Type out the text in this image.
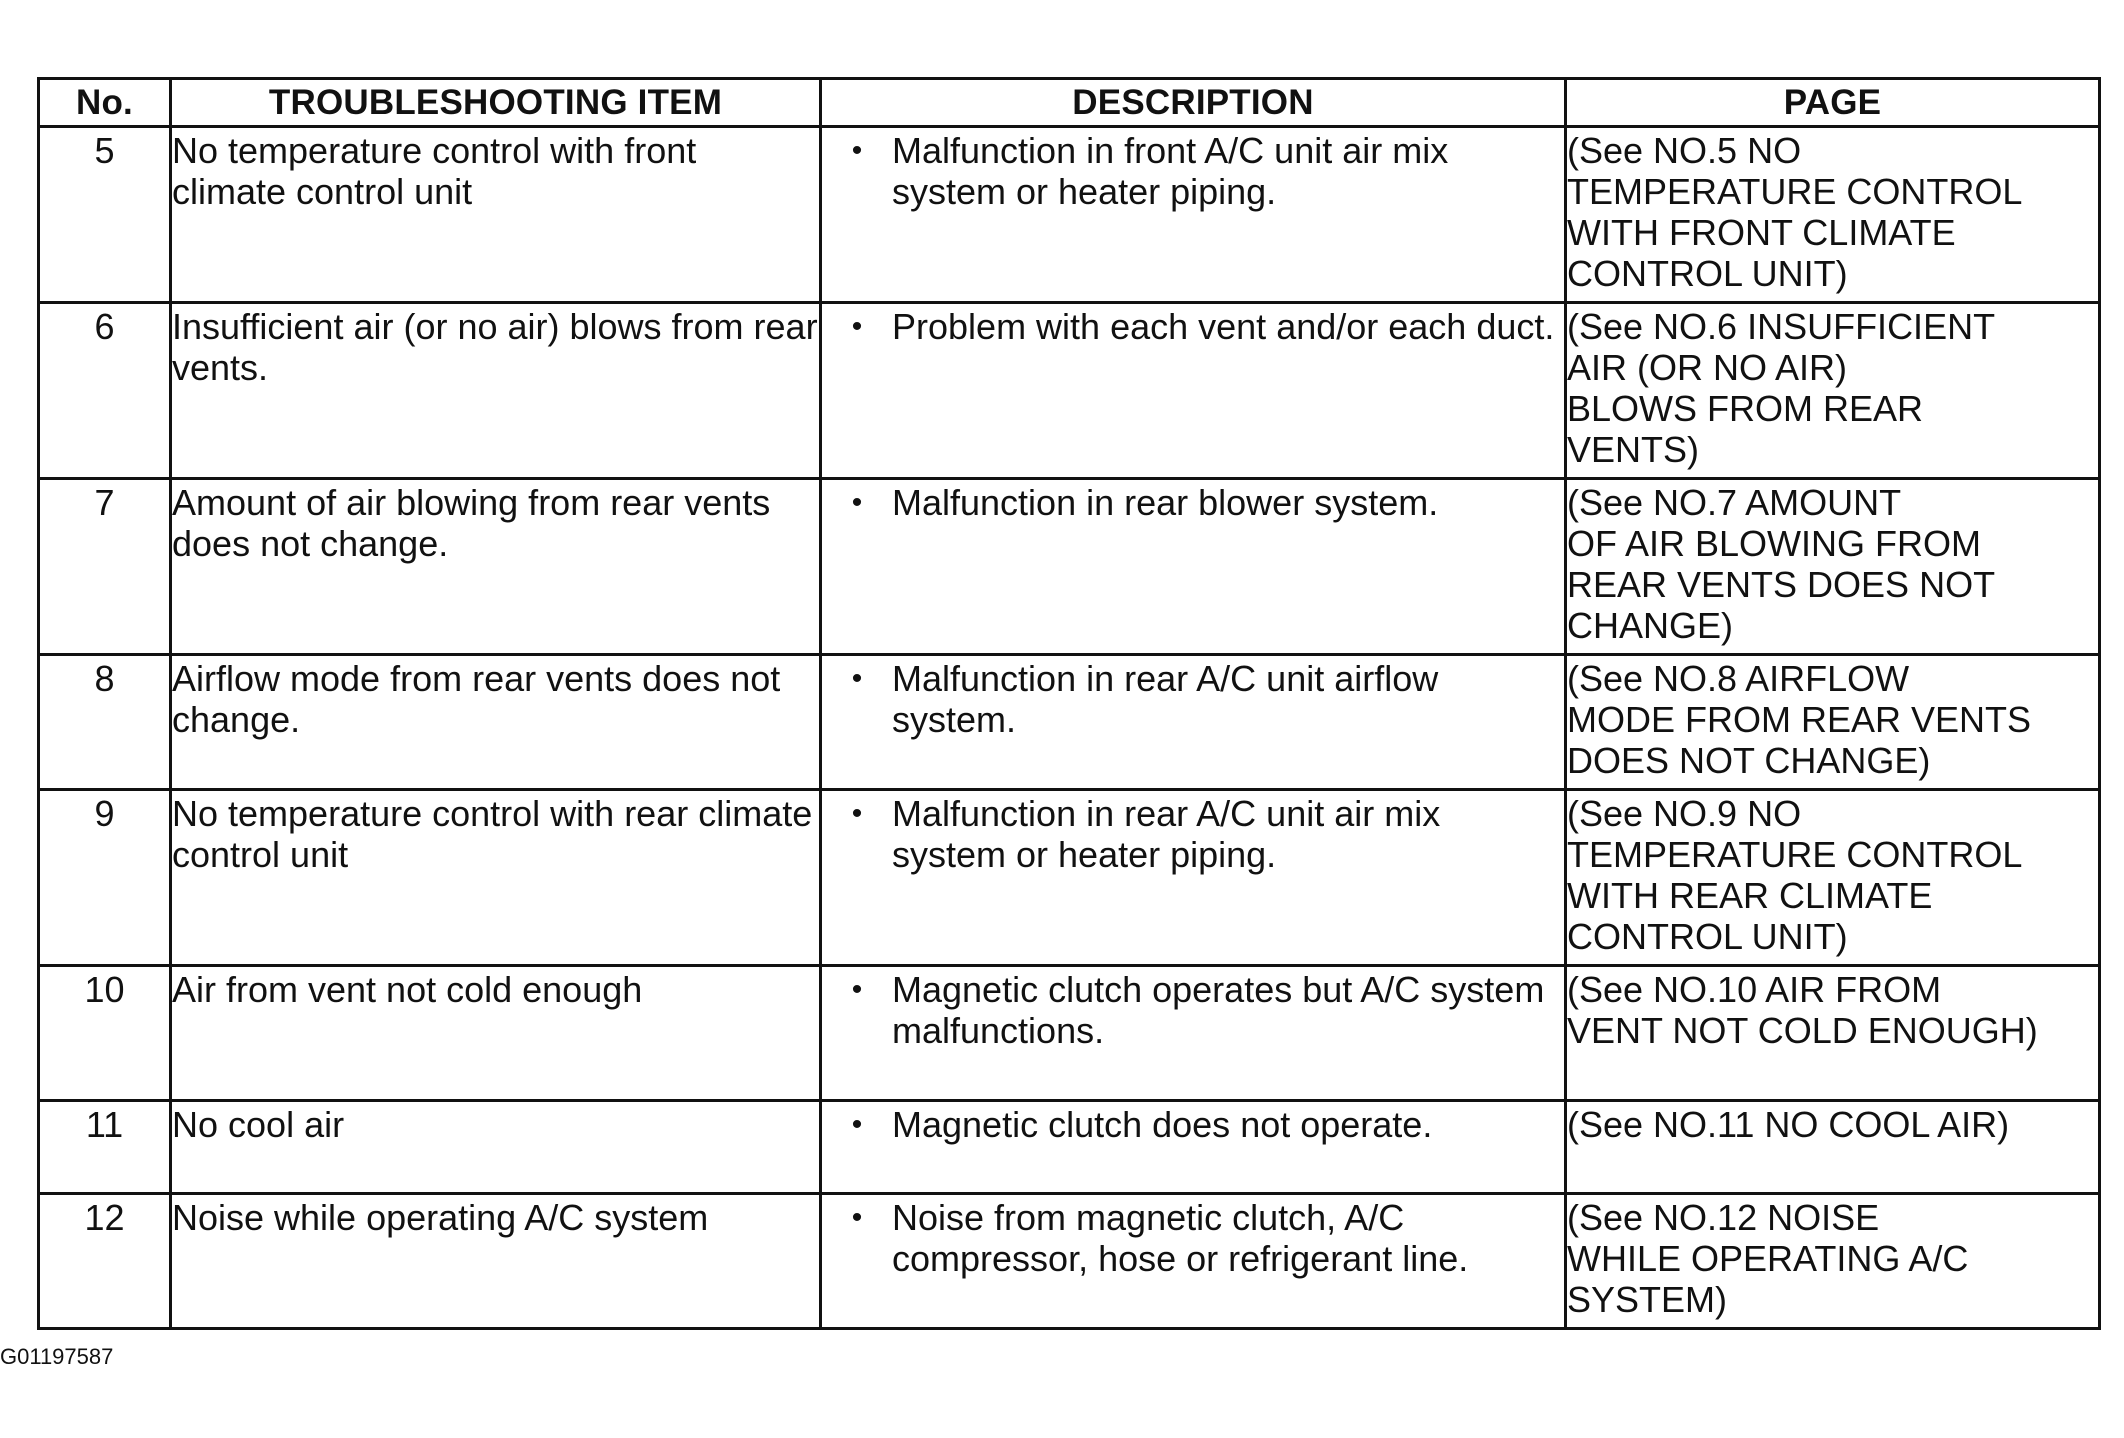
No.	TROUBLESHOOTING ITEM	DESCRIPTION	PAGE
5	No temperature control with front climate control unit	• Malfunction in front A/C unit air mix system or heater piping.	(See NO.5 NO
TEMPERATURE CONTROL
WITH FRONT CLIMATE
CONTROL UNIT)

6	Insufficient air (or no air) blows from rear vents.	• Problem with each vent and/or each duct.	(See NO.6 INSUFFICIENT
AIR (OR NO AIR)
BLOWS FROM REAR
VENTS)

7	Amount of air blowing from rear vents does not change.	• Malfunction in rear blower system.	(See NO.7 AMOUNT
OF AIR BLOWING FROM
REAR VENTS DOES NOT
CHANGE)

8	Airflow mode from rear vents does not change.	• Malfunction in rear A/C unit airflow system.	(See NO.8 AIRFLOW
MODE FROM REAR VENTS
DOES NOT CHANGE)

9	No temperature control with rear climate control unit	• Malfunction in rear A/C unit air mix system or heater piping.	(See NO.9 NO
TEMPERATURE CONTROL
WITH REAR CLIMATE
CONTROL UNIT)

10	Air from vent not cold enough	• Magnetic clutch operates but A/C system malfunctions.	(See NO.10 AIR FROM
VENT NOT COLD ENOUGH)

11	No cool air	• Magnetic clutch does not operate.	(See NO.11 NO COOL AIR)

12	Noise while operating A/C system	• Noise from magnetic clutch, A/C compressor, hose or refrigerant line.	(See NO.12 NOISE
WHILE OPERATING A/C
SYSTEM)
G01197587
